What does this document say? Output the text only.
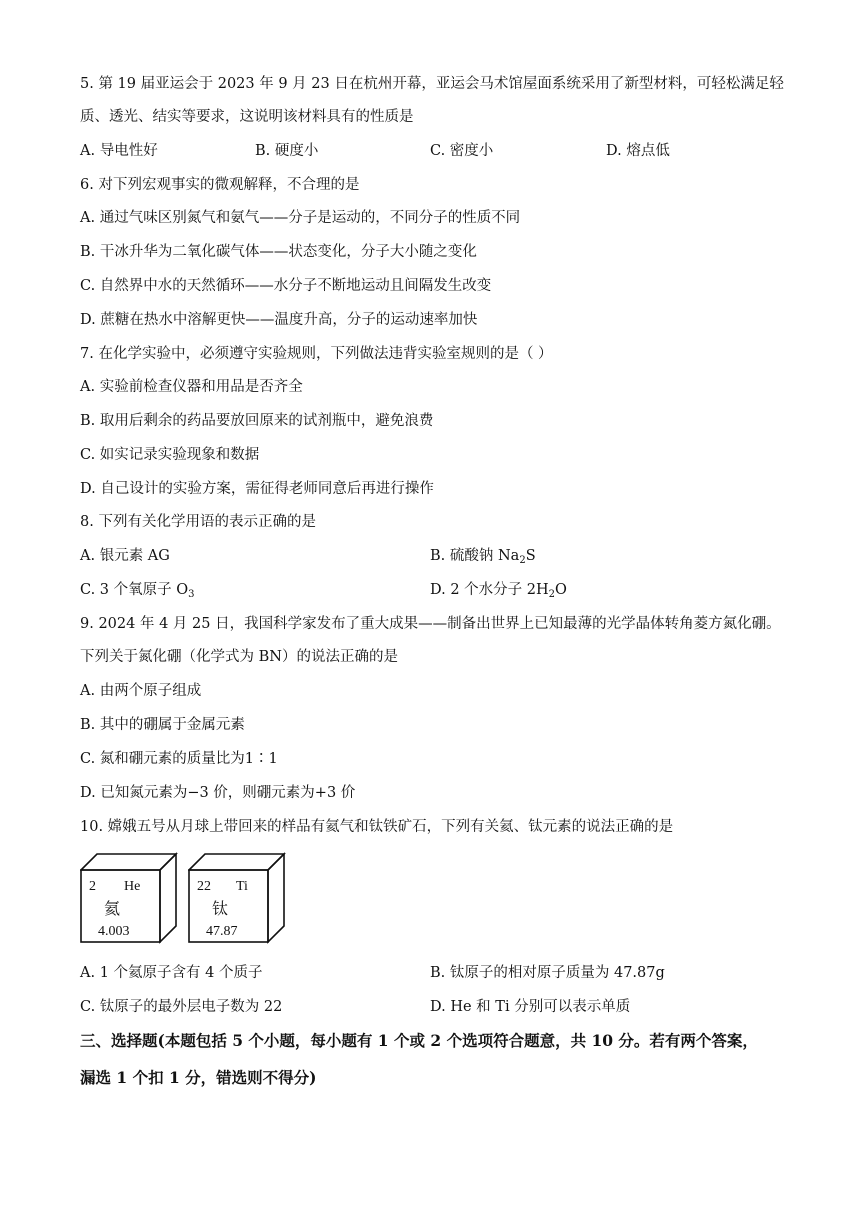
5. 第 19 届亚运会于 2023 年 9 月 23 日在杭州开幕，亚运会马术馆屋面系统采用了新型材料，可轻松满足轻
质、透光、结实等要求，这说明该材料具有的性质是
A. 导电性好	B. 硬度小	C. 密度小	D. 熔点低
6. 对下列宏观事实的微观解释，不合理的是
A. 通过气味区别氮气和氨气——分子是运动的，不同分子的性质不同
B. 干冰升华为二氧化碳气体——状态变化，分子大小随之变化
C. 自然界中水的天然循环——水分子不断地运动且间隔发生改变
D. 蔗糖在热水中溶解更快——温度升高，分子的运动速率加快
7. 在化学实验中，必须遵守实验规则，下列做法违背实验室规则的是（ ）
A. 实验前检查仪器和用品是否齐全
B. 取用后剩余的药品要放回原来的试剂瓶中，避免浪费
C. 如实记录实验现象和数据
D. 自己设计的实验方案，需征得老师同意后再进行操作
8. 下列有关化学用语的表示正确的是
A. 银元素 AG	B. 硫酸钠 $Na_2S$
C. 3 个氧原子 $O_3$	D. 2 个水分子 $2H_2O$
9. 2024 年 4 月 25 日，我国科学家发布了重大成果——制备出世界上已知最薄的光学晶体转角菱方氮化硼。
下列关于氮化硼（化学式为 BN）的说法正确的是
A. 由两个原子组成
B. 其中的硼属于金属元素
C. 氮和硼元素的质量比为1∶1
D. 已知氮元素为−3 价，则硼元素为+3 价
10. 嫦娥五号从月球上带回来的样品有氦气和钛铁矿石，下列有关氦、钛元素的说法正确的是
2 He
氦
4.003
22 Ti
钛
47.87
A. 1 个氦原子含有 4 个质子	B. 钛原子的相对原子质量为 47.87g
C. 钛原子的最外层电子数为 22	D. He 和 Ti 分别可以表示单质
三、选择题(本题包括 5 个小题，每小题有 1 个或 2 个选项符合题意，共 10 分。若有两个答案，
漏选 1 个扣 1 分，错选则不得分)
